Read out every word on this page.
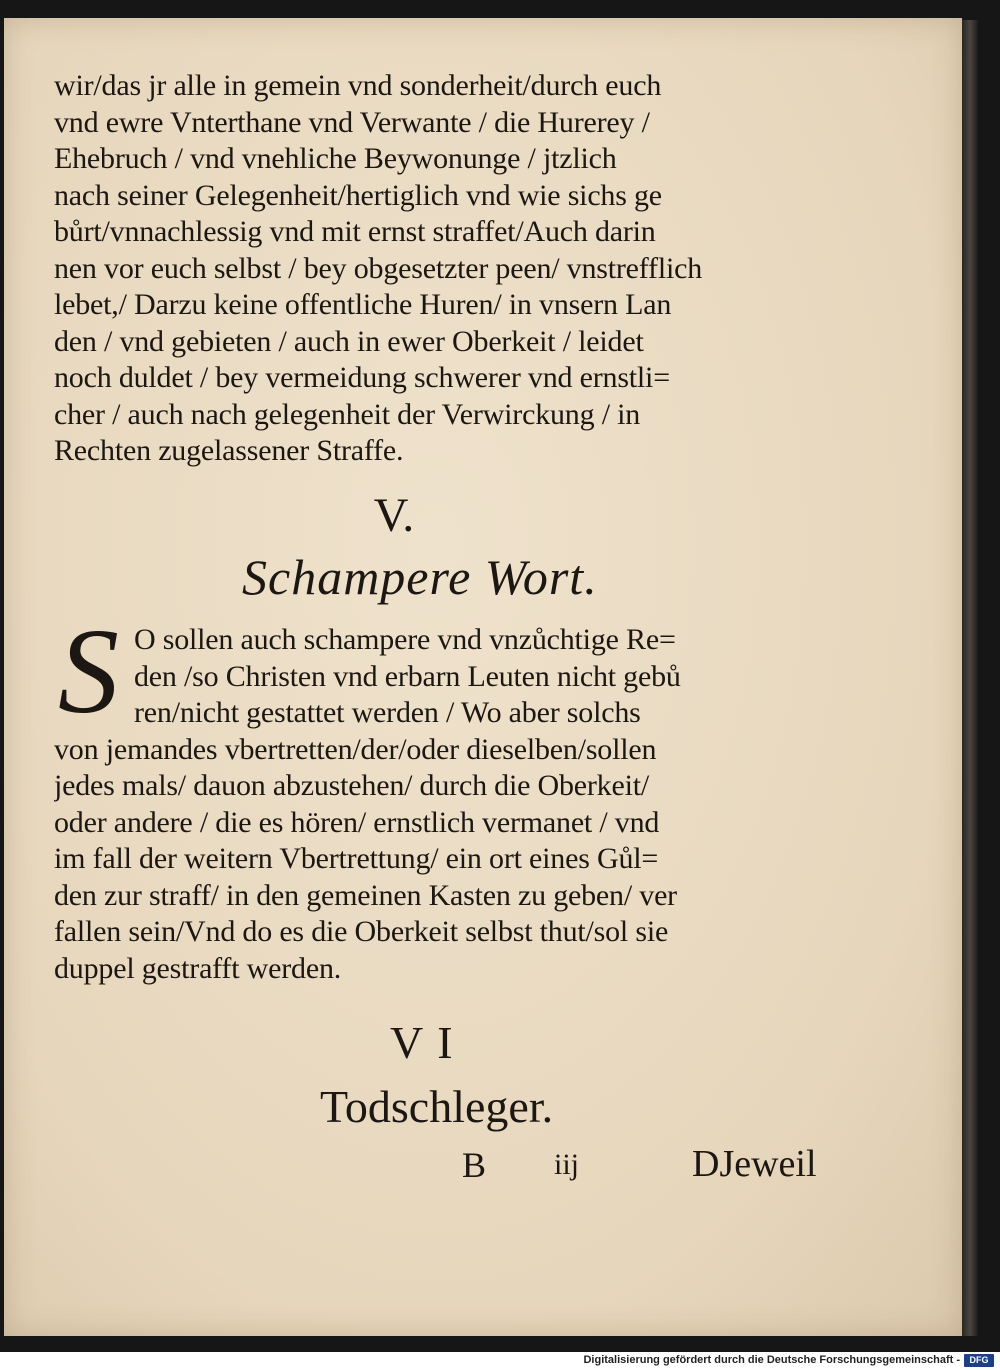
wir/das jr alle in gemein vnd sonderheit/durch euch
vnd ewre Vnterthane vnd Verwante / die Hurerey /
Ehebruch / vnd vnehliche Beywonunge / jtzlich
nach seiner Gelegenheit/hertiglich vnd wie sichs ge
bůrt/vnnachlessig vnd mit ernst straffet/Auch darin
nen vor euch selbst / bey obgesetzter peen/ vnstrefflich
lebet,/ Darzu keine offentliche Huren/ in vnsern Lan
den / vnd gebieten / auch in ewer Oberkeit / leidet
noch duldet / bey vermeidung schwerer vnd ernstli=
cher / auch nach gelegenheit der Verwirckung / in
Rechten zugelassener Straffe.
V.
Schampere Wort.
S O sollen auch schampere vnd vnzůchtige Re=
den /so Christen vnd erbarn Leuten nicht gebů
ren/nicht gestattet werden / Wo aber solchs
von jemandes vbertretten/der/oder dieselben/sollen
jedes mals/ dauon abzustehen/ durch die Oberkeit/
oder andere / die es hören/ ernstlich vermanet / vnd
im fall der weitern Vbertrettung/ ein ort eines Gůl=
den zur straff/ in den gemeinen Kasten zu geben/ ver
fallen sein/Vnd do es die Oberkeit selbst thut/sol sie
duppel gestrafft werden.
VI
Todschleger.
B iij	DJeweil
Digitalisierung gefördert durch die Deutsche Forschungsgemeinschaft -	DFG
